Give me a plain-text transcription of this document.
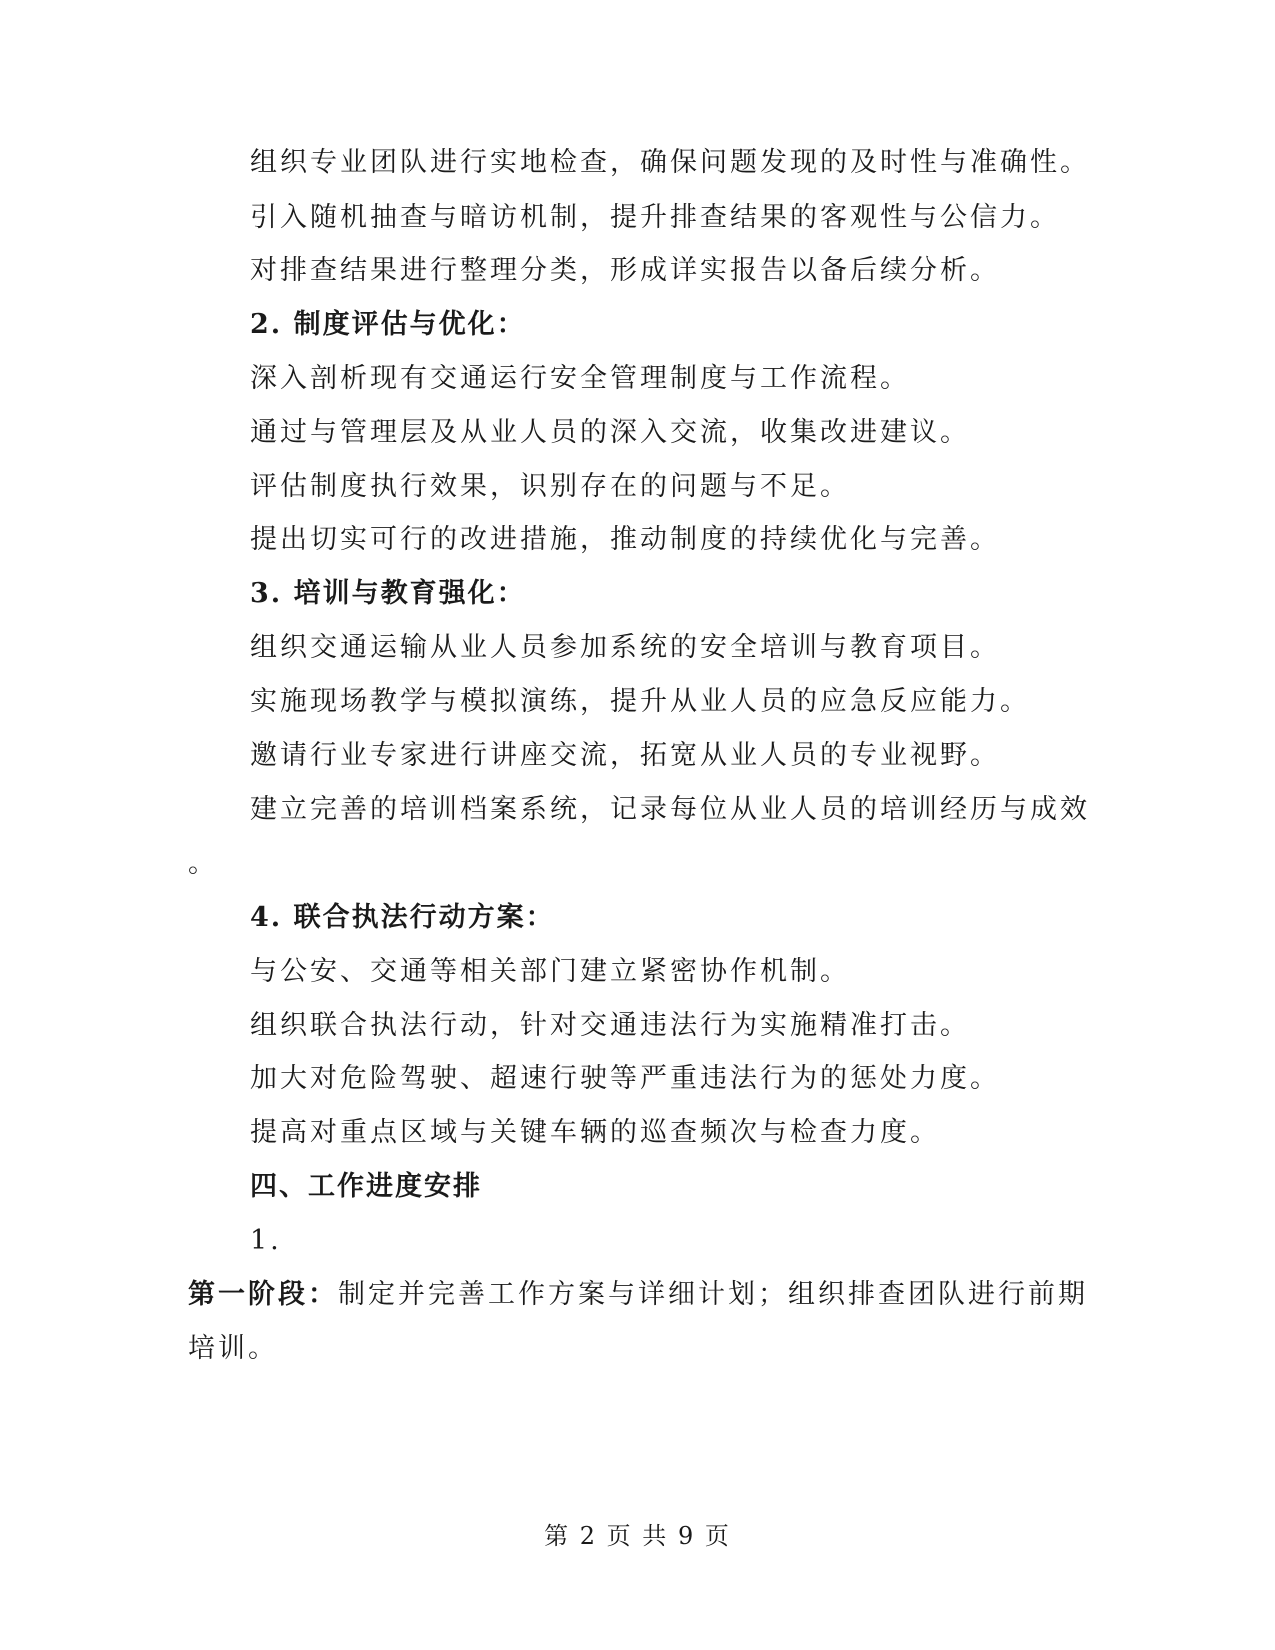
组织专业团队进行实地检查，确保问题发现的及时性与准确性。
引入随机抽查与暗访机制，提升排查结果的客观性与公信力。
对排查结果进行整理分类，形成详实报告以备后续分析。
2. 制度评估与优化：
深入剖析现有交通运行安全管理制度与工作流程。
通过与管理层及从业人员的深入交流，收集改进建议。
评估制度执行效果，识别存在的问题与不足。
提出切实可行的改进措施，推动制度的持续优化与完善。
3. 培训与教育强化：
组织交通运输从业人员参加系统的安全培训与教育项目。
实施现场教学与模拟演练，提升从业人员的应急反应能力。
邀请行业专家进行讲座交流，拓宽从业人员的专业视野。
建立完善的培训档案系统，记录每位从业人员的培训经历与成效
。
4. 联合执法行动方案：
与公安、交通等相关部门建立紧密协作机制。
组织联合执法行动，针对交通违法行为实施精准打击。
加大对危险驾驶、超速行驶等严重违法行为的惩处力度。
提高对重点区域与关键车辆的巡查频次与检查力度。
四、工作进度安排
1.
第一阶段：制定并完善工作方案与详细计划；组织排查团队进行前期
培训。
第 2 页 共 9 页
